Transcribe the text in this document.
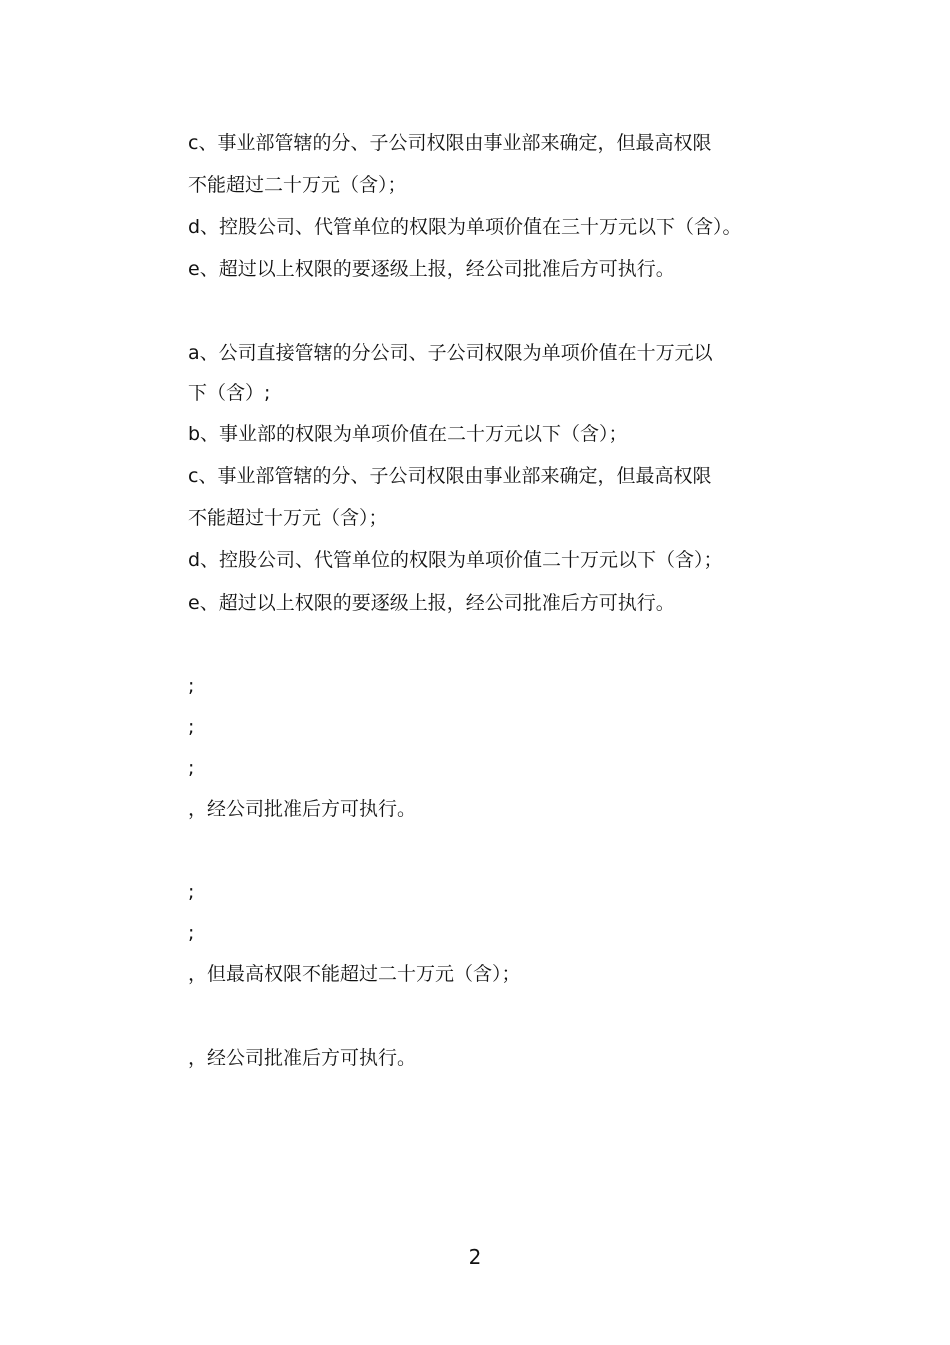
c、事业部管辖的分、子公司权限由事业部来确定，但最高权限
不能超过二十万元（含）；
d、控股公司、代管单位的权限为单项价值在三十万元以下（含）。
e、超过以上权限的要逐级上报，经公司批准后方可执行。
a、公司直接管辖的分公司、子公司权限为单项价值在十万元以
下（含）;
b、事业部的权限为单项价值在二十万元以下（含）；
c、事业部管辖的分、子公司权限由事业部来确定，但最高权限
不能超过十万元（含）；
d、控股公司、代管单位的权限为单项价值二十万元以下（含）；
e、超过以上权限的要逐级上报，经公司批准后方可执行。
;
;
;
，经公司批准后方可执行。
;
;
，但最高权限不能超过二十万元（含）；
，经公司批准后方可执行。
2
